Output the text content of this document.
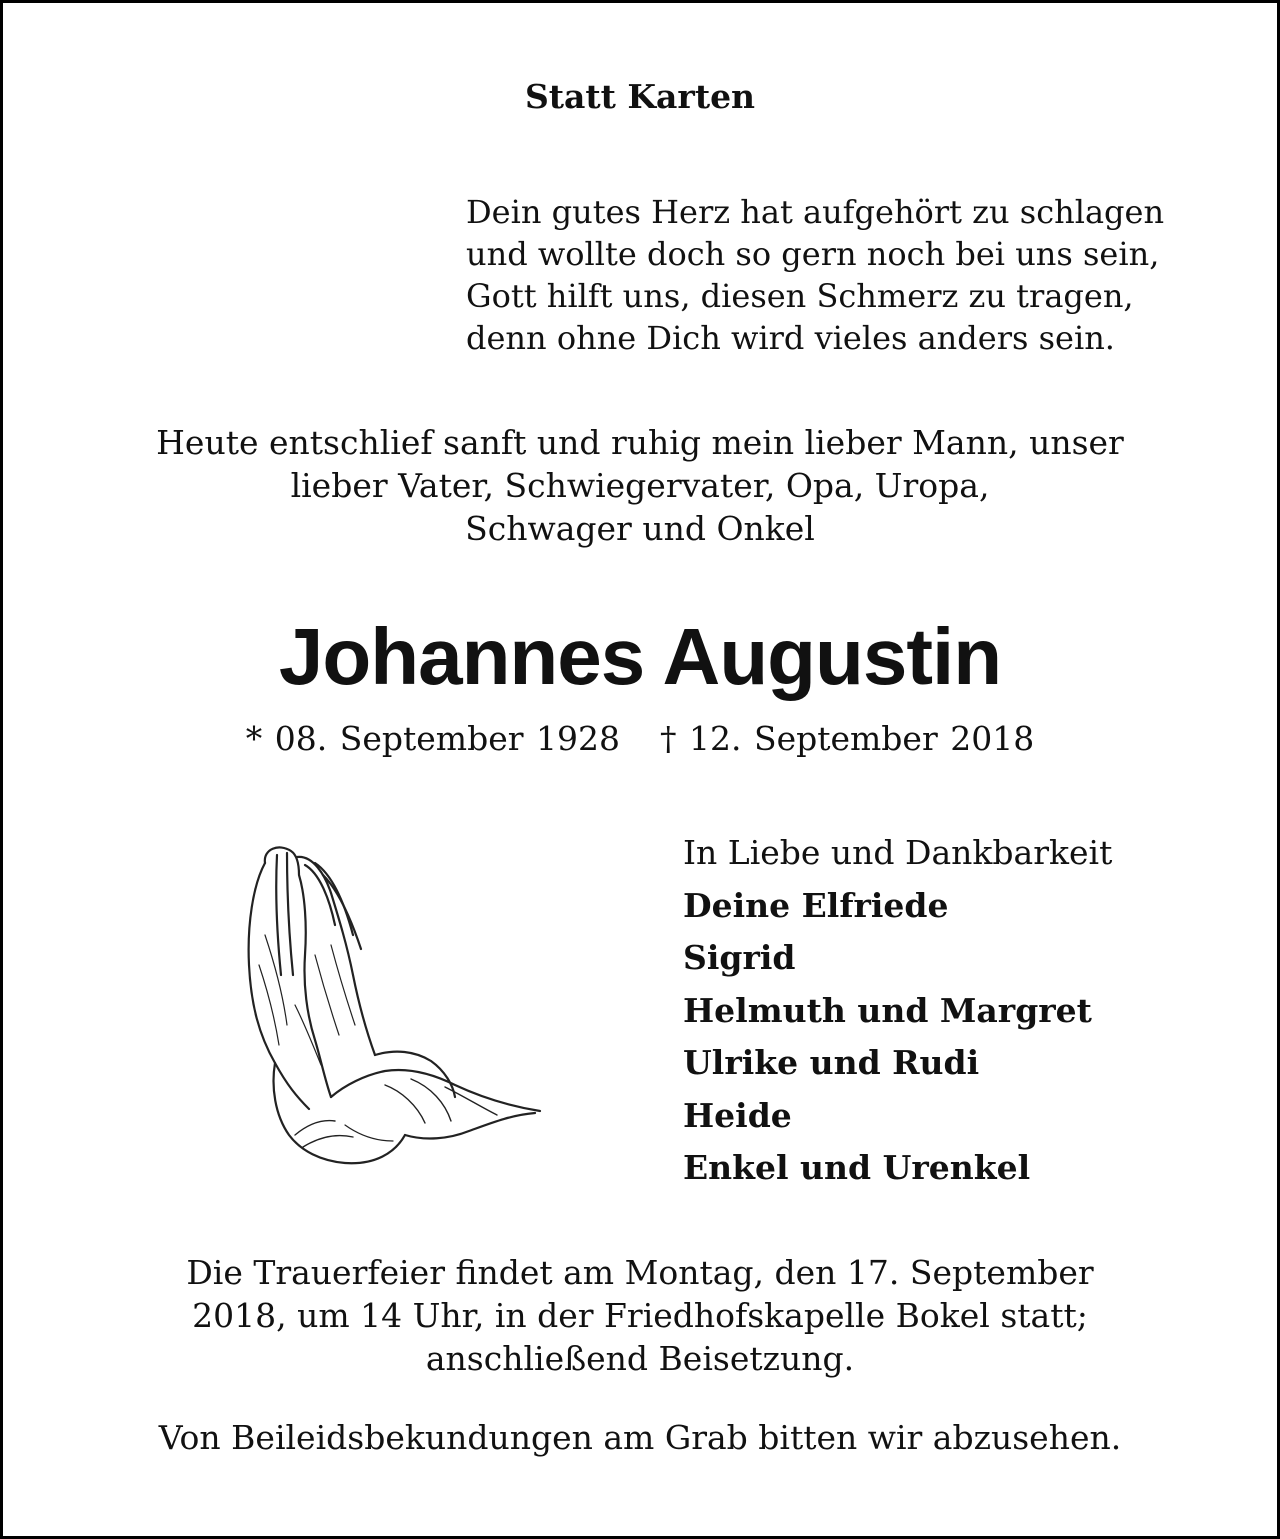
Statt Karten
Dein gutes Herz hat aufgehört zu schlagen
und wollte doch so gern noch bei uns sein,
Gott hilft uns, diesen Schmerz zu tragen,
denn ohne Dich wird vieles anders sein.
Heute entschlief sanft und ruhig mein lieber Mann, unser
lieber Vater, Schwiegervater, Opa, Uropa,
Schwager und Onkel
Johannes Augustin
* 08. September 1928 † 12. September 2018
In Liebe und Dankbarkeit
Deine Elfriede
Sigrid
Helmuth und Margret
Ulrike und Rudi
Heide
Enkel und Urenkel
Die Trauerfeier findet am Montag, den 17. September
2018, um 14 Uhr, in der Friedhofskapelle Bokel statt;
anschließend Beisetzung.
Von Beileidsbekundungen am Grab bitten wir abzusehen.
